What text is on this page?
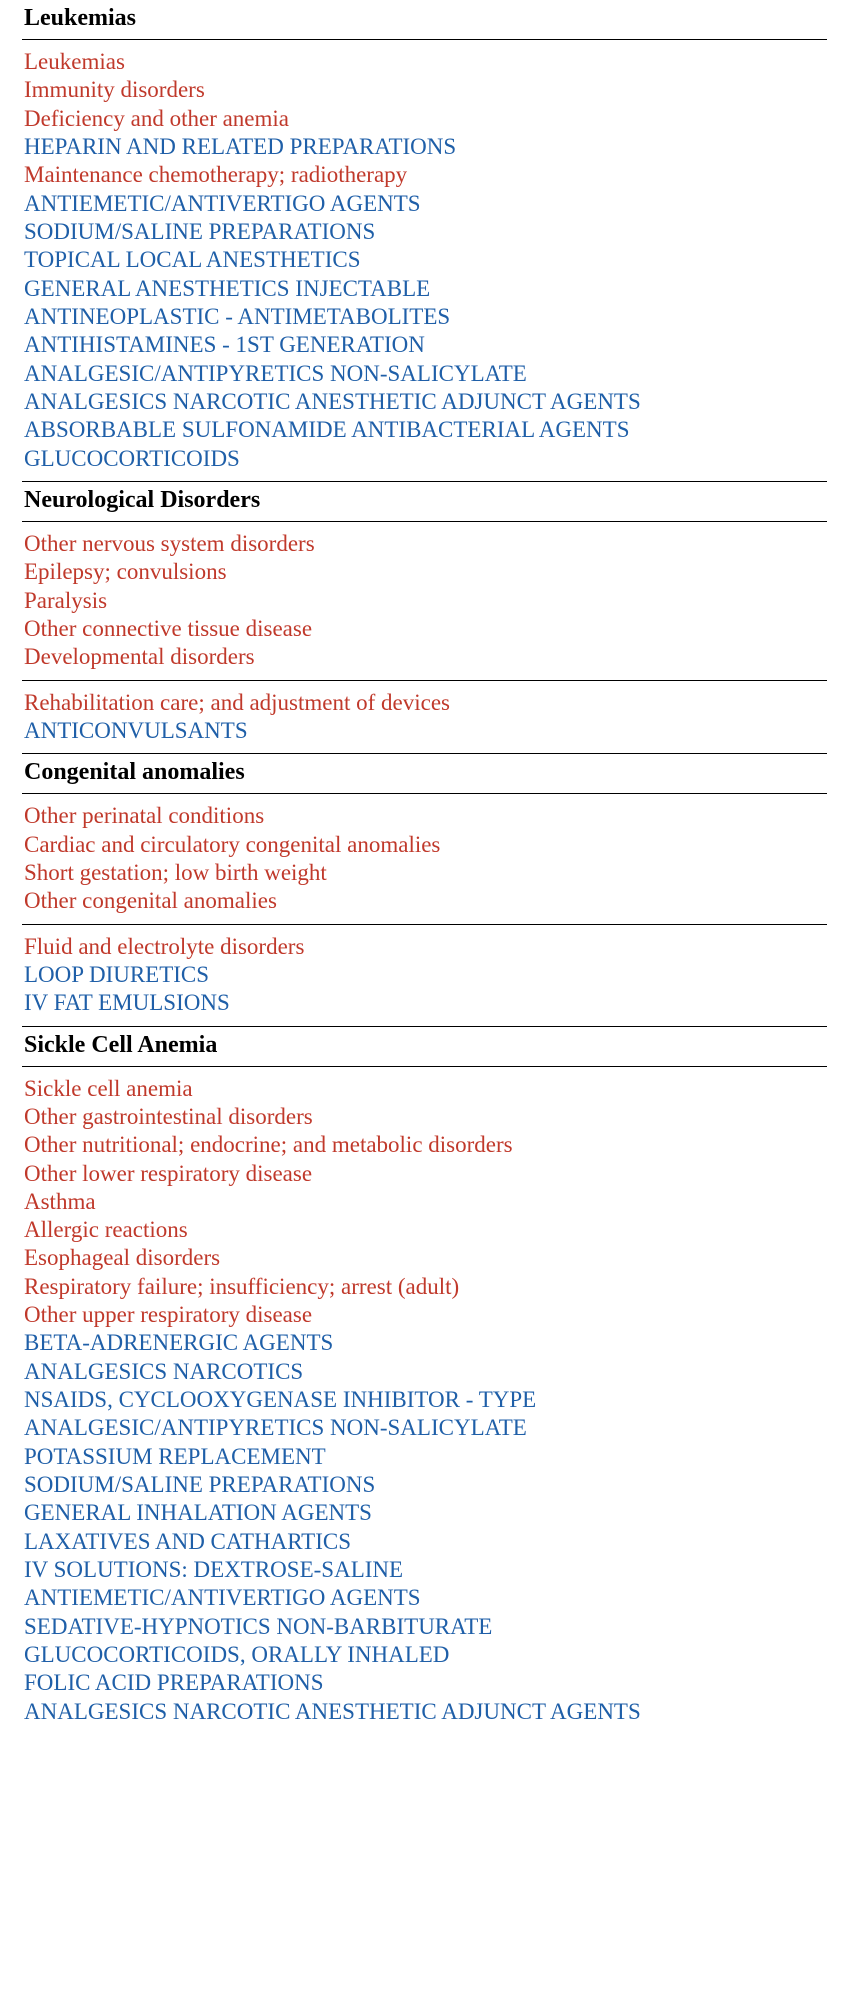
Leukemias
Leukemias
Immunity disorders
Deficiency and other anemia
HEPARIN AND RELATED PREPARATIONS
Maintenance chemotherapy; radiotherapy
ANTIEMETIC/ANTIVERTIGO AGENTS
SODIUM/SALINE PREPARATIONS
TOPICAL LOCAL ANESTHETICS
GENERAL ANESTHETICS INJECTABLE
ANTINEOPLASTIC - ANTIMETABOLITES
ANTIHISTAMINES - 1ST GENERATION
ANALGESIC/ANTIPYRETICS NON-SALICYLATE
ANALGESICS NARCOTIC ANESTHETIC ADJUNCT AGENTS
ABSORBABLE SULFONAMIDE ANTIBACTERIAL AGENTS
GLUCOCORTICOIDS
Neurological Disorders
Other nervous system disorders
Epilepsy; convulsions
Paralysis
Other connective tissue disease
Developmental disorders
Rehabilitation care; and adjustment of devices
ANTICONVULSANTS
Congenital anomalies
Other perinatal conditions
Cardiac and circulatory congenital anomalies
Short gestation; low birth weight
Other congenital anomalies
Fluid and electrolyte disorders
LOOP DIURETICS
IV FAT EMULSIONS
Sickle Cell Anemia
Sickle cell anemia
Other gastrointestinal disorders
Other nutritional; endocrine; and metabolic disorders
Other lower respiratory disease
Asthma
Allergic reactions
Esophageal disorders
Respiratory failure; insufficiency; arrest (adult)
Other upper respiratory disease
BETA-ADRENERGIC AGENTS
ANALGESICS NARCOTICS
NSAIDS, CYCLOOXYGENASE INHIBITOR - TYPE
ANALGESIC/ANTIPYRETICS NON-SALICYLATE
POTASSIUM REPLACEMENT
SODIUM/SALINE PREPARATIONS
GENERAL INHALATION AGENTS
LAXATIVES AND CATHARTICS
IV SOLUTIONS: DEXTROSE-SALINE
ANTIEMETIC/ANTIVERTIGO AGENTS
SEDATIVE-HYPNOTICS NON-BARBITURATE
GLUCOCORTICOIDS, ORALLY INHALED
FOLIC ACID PREPARATIONS
ANALGESICS NARCOTIC ANESTHETIC ADJUNCT AGENTS
